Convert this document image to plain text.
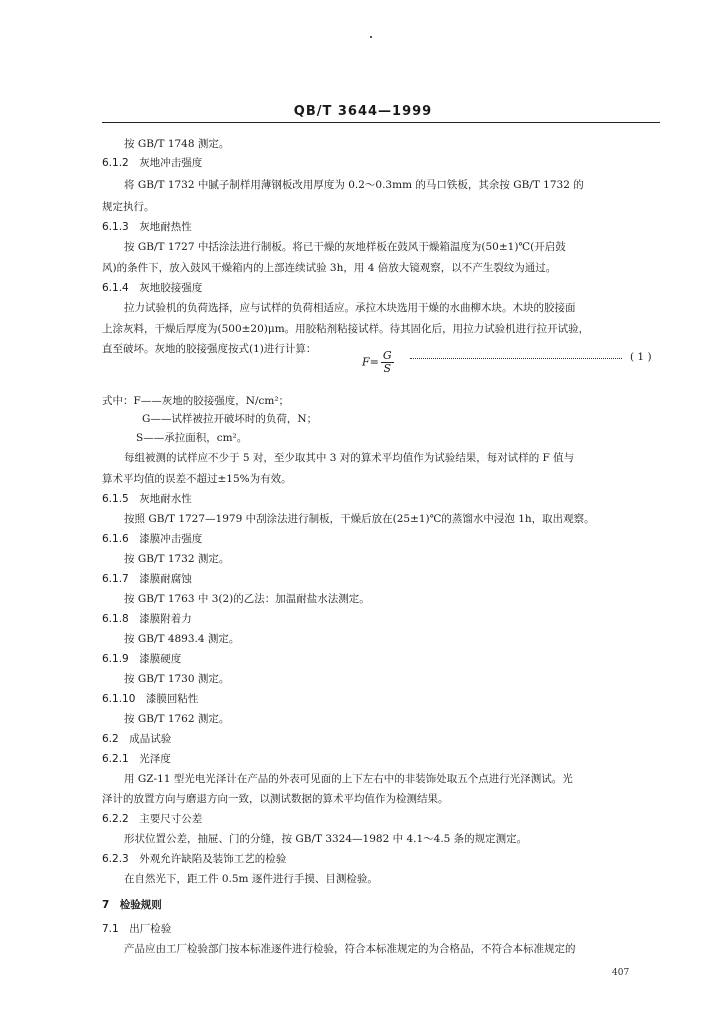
QB/T 3644—1999
按 GB/T 1748 测定。
6.1.2　灰地冲击强度
将 GB/T 1732 中腻子制样用薄钢板改用厚度为 0.2～0.3mm 的马口铁板，其余按 GB/T 1732 的
规定执行。
6.1.3　灰地耐热性
按 GB/T 1727 中括涂法进行制板。将已干燥的灰地样板在鼓风干燥箱温度为(50±1)℃(开启鼓
风)的条件下，放入鼓风干燥箱内的上部连续试验 3h，用 4 倍放大镜观察，以不产生裂纹为通过。
6.1.4　灰地胶接强度
拉力试验机的负荷选择，应与试样的负荷相适应。承拉木块选用干燥的水曲柳木块。木块的胶接面
上涂灰料，干燥后厚度为(500±20)μm。用胶粘剂粘接试样。待其固化后，用拉力试验机进行拉开试验，
直至破坏。灰地的胶接强度按式(1)进行计算：
$F= \frac{G}{S}$	( 1 )
式中：F——灰地的胶接强度，N/cm²；
G——试样被拉开破坏时的负荷，N；
S——承拉面积，cm²。
每组被测的试样应不少于 5 对，至少取其中 3 对的算术平均值作为试验结果，每对试样的 F 值与
算术平均值的误差不超过±15%为有效。
6.1.5　灰地耐水性
按照 GB/T 1727—1979 中刮涂法进行制板，干燥后放在(25±1)℃的蒸馏水中浸泡 1h，取出观察。
6.1.6　漆膜冲击强度
按 GB/T 1732 测定。
6.1.7　漆膜耐腐蚀
按 GB/T 1763 中 3(2)的乙法：加温耐盐水法测定。
6.1.8　漆膜附着力
按 GB/T 4893.4 测定。
6.1.9　漆膜硬度
按 GB/T 1730 测定。
6.1.10　漆膜回粘性
按 GB/T 1762 测定。
6.2　成品试验
6.2.1　光泽度
用 GZ-11 型光电光泽计在产品的外表可见面的上下左右中的非装饰处取五个点进行光泽测试。光
泽计的放置方向与磨退方向一致，以测试数据的算术平均值作为检测结果。
6.2.2　主要尺寸公差
形状位置公差，抽屉、门的分缝，按 GB/T 3324—1982 中 4.1～4.5 条的规定测定。
6.2.3　外观允许缺陷及装饰工艺的检验
在自然光下，距工件 0.5m 逐件进行手摸、目测检验。
7　检验规则
7.1　出厂检验
产品应由工厂检验部门按本标准逐件进行检验，符合本标准规定的为合格品，不符合本标准规定的
407
